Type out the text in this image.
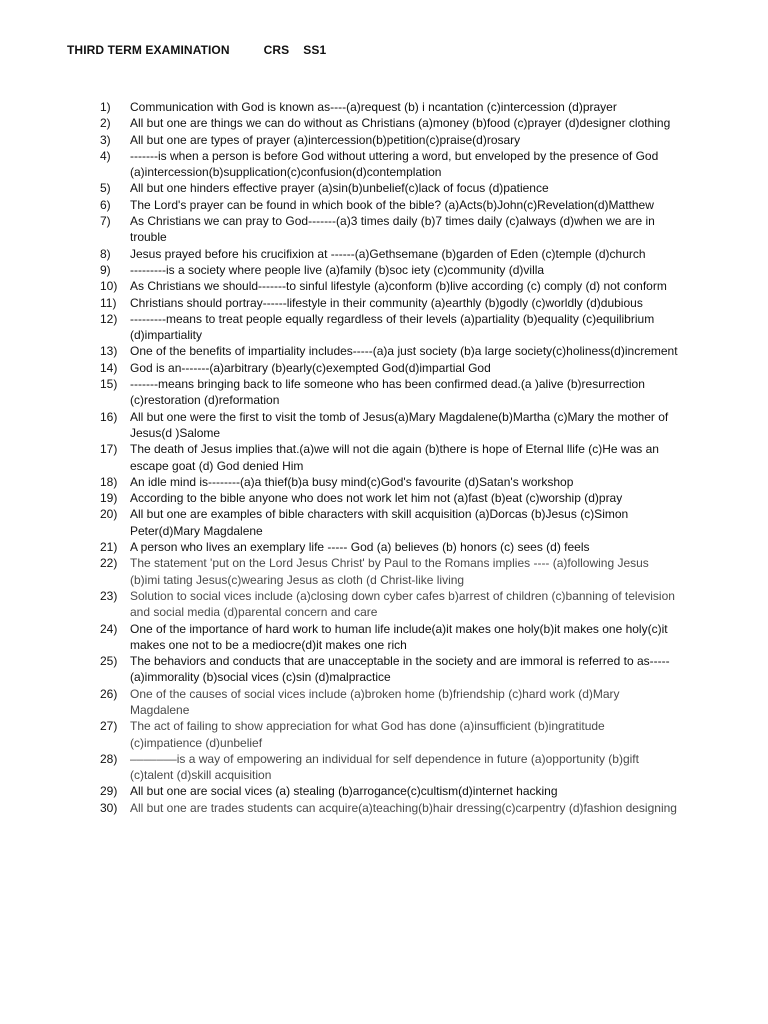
THIRD TERM EXAMINATION	CRS SS1
1)	Communication with God is known as----(a)request (b) i ncantation (c)intercession (d)prayer
2)	All but one are things we can do without as Christians (a)money (b)food (c)prayer (d)designer clothing
3)	All but one are types of prayer (a)intercession(b)petition(c)praise(d)rosary
4)	-------is when a person is before God without uttering a word, but enveloped by the presence of God (a)intercession(b)supplication(c)confusion(d)contemplation
5)	All but one hinders effective prayer (a)sin(b)unbelief(c)lack of focus (d)patience
6)	The Lord's prayer can be found in which book of the bible? (a)Acts(b)John(c)Revelation(d)Matthew
7)	As Christians we can pray to God-------(a)3 times daily (b)7 times daily (c)always (d)when we are in trouble
8)	Jesus prayed before his crucifixion at ------(a)Gethsemane (b)garden of Eden (c)temple (d)church
9)	---------is a society where people live (a)family (b)soc iety (c)community (d)villa
10)	As Christians we should-------to sinful lifestyle (a)conform (b)live according (c) comply (d) not conform
11)	Christians should portray------lifestyle in their community (a)earthly (b)godly (c)worldly (d)dubious
12)	---------means to treat people equally regardless of their levels (a)partiality (b)equality (c)equilibrium (d)impartiality
13)	One of the benefits of impartiality includes-----(a)a just society (b)a large society(c)holiness(d)increment
14)	God is an-------(a)arbitrary (b)early(c)exempted God(d)impartial God
15)	-------means bringing back to life someone who has been confirmed dead.(a )alive (b)resurrection (c)restoration (d)reformation
16)	All but one were the first to visit the tomb of Jesus(a)Mary Magdalene(b)Martha (c)Mary the mother of Jesus(d )Salome
17)	The death of Jesus implies that.(a)we will not die again (b)there is hope of Eternal llife (c)He was an escape goat (d) God denied Him
18)	An idle mind is--------(a)a thief(b)a busy mind(c)God's favourite (d)Satan's workshop
19)	According to the bible anyone who does not work let him not (a)fast (b)eat (c)worship (d)pray
20)	All but one are examples of bible characters with skill acquisition (a)Dorcas (b)Jesus (c)Simon Peter(d)Mary Magdalene
21)	A person who lives an exemplary life ----- God (a) believes (b) honors (c) sees (d) feels
22)	The statement 'put on the Lord Jesus Christ' by Paul to the Romans implies ---- (a)following Jesus (b)imi tating Jesus(c)wearing Jesus as cloth (d Christ-like living
23)	Solution to social vices include (a)closing down cyber cafes b)arrest of children (c)banning of television and social media (d)parental concern and care
24)	One of the importance of hard work to human life include(a)it makes one holy(b)it makes one holy(c)it makes one not to be a mediocre(d)it makes one rich
25)	The behaviors and conducts that are unacceptable in the society and are immoral is referred to as----- (a)immorality (b)social vices (c)sin (d)malpractice
26)	One of the causes of social vices include (a)broken home (b)friendship (c)hard work (d)Mary Magdalene
27)	The act of failing to show appreciation for what God has done (a)insufficient (b)ingratitude (c)impatience (d)unbelief
28)	–––––––is a way of empowering an individual for self dependence in future (a)opportunity (b)gift (c)talent (d)skill acquisition
29)	All but one are social vices (a) stealing (b)arrogance(c)cultism(d)internet hacking
30)	All but one are trades students can acquire(a)teaching(b)hair dressing(c)carpentry (d)fashion designing
